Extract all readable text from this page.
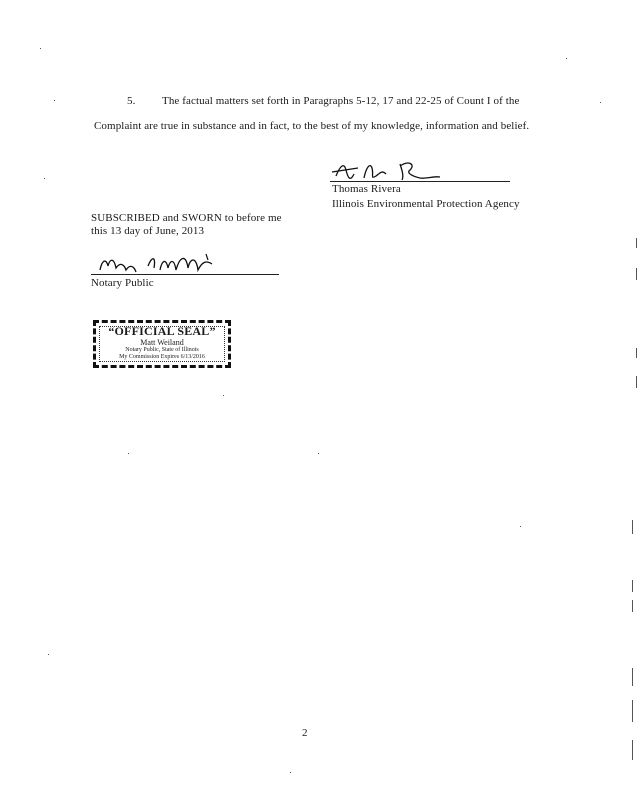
5. The factual matters set forth in Paragraphs 5-12, 17 and 22-25 of Count I of the
Complaint are true in substance and in fact, to the best of my knowledge, information and belief.
Thomas Rivera
Illinois Environmental Protection Agency
SUBSCRIBED and SWORN to before me
this 13 day of June, 2013
Notary Public
“OFFICIAL SEAL”
Matt Weiland
Notary Public, State of Illinois
My Commission Expires 6/13/2016
2
